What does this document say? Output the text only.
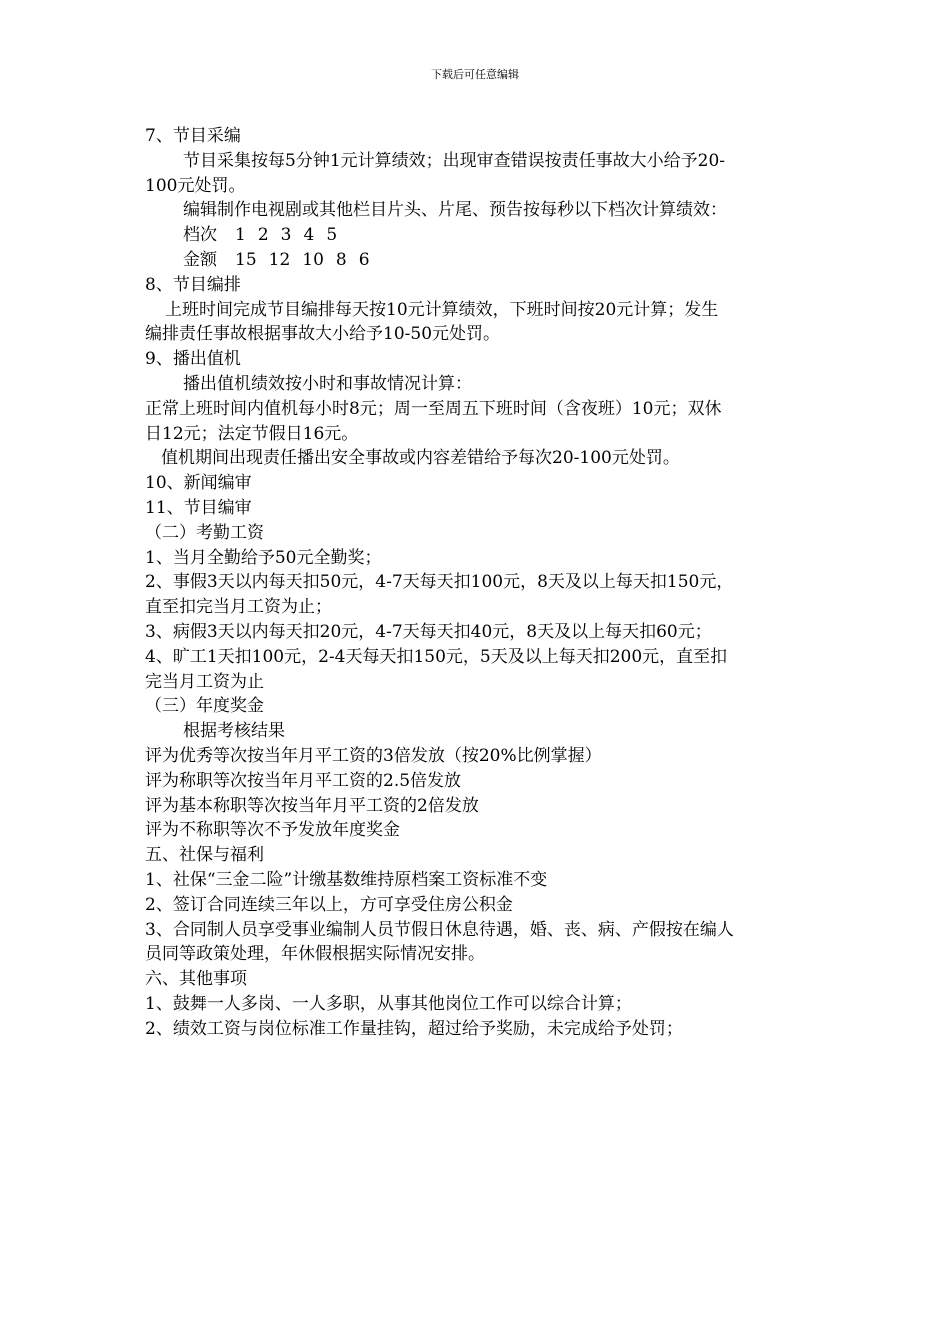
下载后可任意编辑
7、节目采编
节目采集按每5分钟1元计算绩效；出现审查错误按责任事故大小给予20-
100元处罚。
编辑制作电视剧或其他栏目片头、片尾、预告按每秒以下档次计算绩效：
档次 1 2 3 4 5
金额 15 12 10 8 6
8、节目编排
上班时间完成节目编排每天按10元计算绩效，下班时间按20元计算；发生
编排责任事故根据事故大小给予10-50元处罚。
9、播出值机
播出值机绩效按小时和事故情况计算：
正常上班时间内值机每小时8元；周一至周五下班时间（含夜班）10元；双休
日12元；法定节假日16元。
值机期间出现责任播出安全事故或内容差错给予每次20-100元处罚。
10、新闻编审
11、节目编审
（二）考勤工资
1、当月全勤给予50元全勤奖；
2、事假3天以内每天扣50元，4-7天每天扣100元，8天及以上每天扣150元，
直至扣完当月工资为止；
3、病假3天以内每天扣20元，4-7天每天扣40元，8天及以上每天扣60元；
4、旷工1天扣100元，2-4天每天扣150元，5天及以上每天扣200元，直至扣
完当月工资为止
（三）年度奖金
根据考核结果
评为优秀等次按当年月平工资的3倍发放（按20%比例掌握）
评为称职等次按当年月平工资的2.5倍发放
评为基本称职等次按当年月平工资的2倍发放
评为不称职等次不予发放年度奖金
五、社保与福利
1、社保“三金二险”计缴基数维持原档案工资标准不变
2、签订合同连续三年以上，方可享受住房公积金
3、合同制人员享受事业编制人员节假日休息待遇，婚、丧、病、产假按在编人
员同等政策处理，年休假根据实际情况安排。
六、其他事项
1、鼓舞一人多岗、一人多职，从事其他岗位工作可以综合计算；
2、绩效工资与岗位标准工作量挂钩，超过给予奖励，未完成给予处罚；
